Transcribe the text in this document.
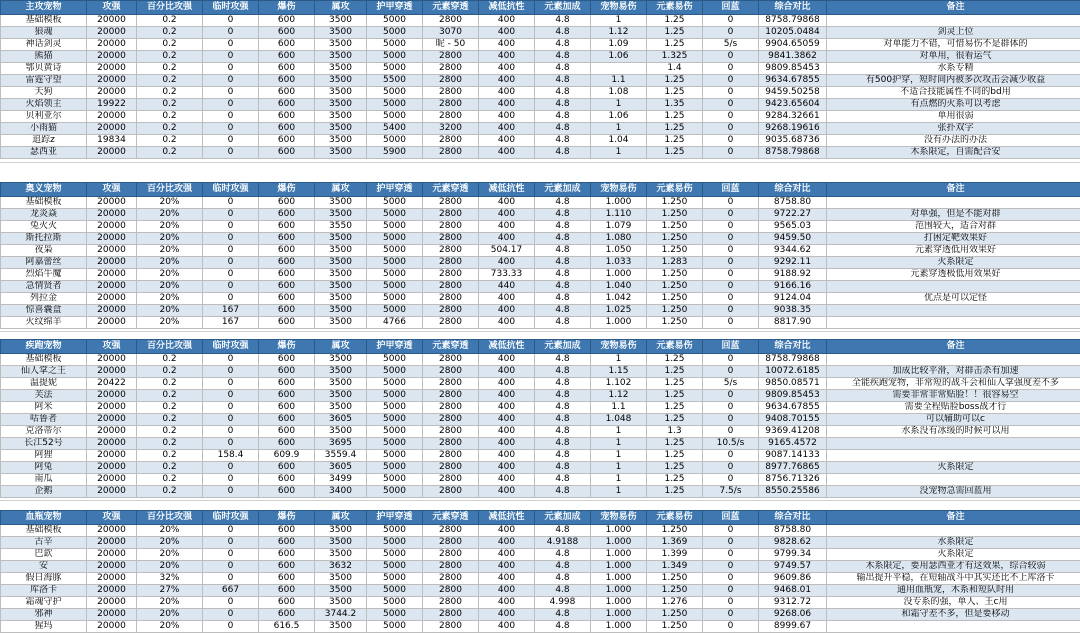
主攻宠物	攻强	百分比攻强	临时攻强	爆伤	属攻	护甲穿透	元素穿透	减低抗性	元素加成	宠物易伤	元素易伤	回蓝	综合对比	备注
基础模板	20000	0.2	0	600	3500	5000	2800	400	4.8	1	1.25	0	8758.79868	
狼魂	20000	0.2	0	600	3500	5000	3070	400	4.8	1.12	1.25	0	10205.0484	剑灵上位
神话剑灵	20000	0.2	0	600	3500	5000	昵 - 50	400	4.8	1.09	1.25	5/s	9904.65059	对单能力不错，可惜易伤不是群体的
熊猫	20000	0.2	0	600	3500	5000	2800	400	4.8	1.06	1.325	0	9841.3862	对单用，很看运气
鄂贝黄诗	20000	0.2	0	600	3500	5000	2800	400	4.8		1.4	0	9809.85453	水系专精
雷霆守望	20000	0.2	0	600	3500	5500	2800	400	4.8	1.1	1.25	0	9634.67855	有500护穿，短时间内被多次攻击会减少收益
天狗	20000	0.2	0	600	3500	5000	2800	400	4.8	1.08	1.25	0	9459.50258	不适合技能属性不同的bd用
火焰领主	19922	0.2	0	600	3500	5000	2800	400	4.8	1	1.35	0	9423.65604	有点燃的火系可以考虑
贝利亚尔	20000	0.2	0	600	3500	5000	2800	400	4.8	1.06	1.25	0	9284.32661	单用很弱
小雨猫	20000	0.2	0	600	3500	5400	3200	400	4.8	1	1.25	0	9268.19616	张扑双字
追踪z	19834	0.2	0	600	3500	5000	2800	400	4.8	1.04	1.25	0	9035.68736	没有办法的办法
瑟西亚	20000	0.2	0	600	3500	5900	2800	400	4.8	1	1.25	0	8758.79868	木系限定，自需配合安
奥义宠物	攻强	百分比攻强	临时攻强	爆伤	属攻	护甲穿透	元素穿透	减低抗性	元素加成	宠物易伤	元素易伤	回蓝	综合对比	备注
基础模板	20000	20%	0	600	3500	5000	2800	400	4.8	1.000	1.250	0	8758.80	
龙炎焱	20000	20%	0	600	3500	5000	2800	400	4.8	1.110	1.250	0	9722.27	对单强，但是不能对群
兔火火	20000	20%	0	600	3550	5000	2800	400	4.8	1.079	1.250	0	9565.03	范围较大，适合对群
斯托拉斯	20000	20%	0	600	3500	5000	2800	400	4.8	1.080	1.250	0	9459.50	打困定靶效果好
夜枭	20000	20%	0	600	3500	5000	2800	504.17	4.8	1.050	1.250	0	9344.62	元素穿透低用效果好
阿嘉蕾丝	20000	20%	0	600	3500	5000	2800	400	4.8	1.033	1.283	0	9292.11	火系限定
烈焰牛魔	20000	20%	0	600	3500	5000	2800	733.33	4.8	1.000	1.250	0	9188.92	元素穿透极低用效果好
急情贤者	20000	20%	0	600	3500	5000	2800	440	4.8	1.040	1.250	0	9166.16	
列拉金	20000	20%	0	600	3500	5000	2800	400	4.8	1.042	1.250	0	9124.04	优点是可以定怪
惊喜囊盒	20000	20%	167	600	3500	5000	2800	400	4.8	1.025	1.250	0	9038.35	
火纹绵羊	20000	20%	167	600	3500	4766	2800	400	4.8	1.000	1.250	0	8817.90	
疾跑宠物	攻强	百分比攻强	临时攻强	爆伤	属攻	护甲穿透	元素穿透	减低抗性	元素加成	宠物易伤	元素易伤	回蓝	综合对比	备注
基础模板	20000	0.2	0	600	3500	5000	2800	400	4.8	1	1.25	0	8758.79868	
仙人掌之王	20000	0.2	0	600	3500	5000	2800	400	4.8	1.15	1.25	0	10072.6185	加成比较平滑，对群击杀有加速
温提妮	20422	0.2	0	600	3500	5000	2800	400	4.8	1.102	1.25	5/s	9850.08571	全能疾跑宠物，非常短的战斗会和仙人掌强度差不多
芙法	20000	0.2	0	600	3500	5000	2800	400	4.8	1.12	1.25	0	9809.85453	需要非常非常贴脸！！很容易空
阿米	20000	0.2	0	600	3500	5000	2800	400	4.8	1.1	1.25	0	9634.67855	需要全程贴脸boss战才行
咕鲁者	20000	0.2	0	600	3605	5000	2800	400	4.8	1.048	1.25	0	9408.70155	可以辅助可以c
克洛蒂尔	20000	0.2	0	600	3500	5000	2800	400	4.8	1	1.3	0	9369.41208	水系没有冰缓的时候可以用
长江52号	20000	0.2	0	600	3695	5000	2800	400	4.8	1	1.25	10.5/s	9165.4572	
阿狸	20000	0.2	158.4	609.9	3559.4	5000	2800	400	4.8	1	1.25	0	9087.14133	
阿兔	20000	0.2	0	600	3605	5000	2800	400	4.8	1	1.25	0	8977.76865	火系限定
南瓜	20000	0.2	0	600	3499	5000	2800	400	4.8	1	1.25	0	8756.71326	
企鹅	20000	0.2	0	600	3400	5000	2800	400	4.8	1	1.25	7.5/s	8550.25586	没宠物急需回蓝用
血瓶宠物	攻强	百分比攻强	临时攻强	爆伤	属攻	护甲穿透	元素穿透	减低抗性	元素加成	宠物易伤	元素易伤	回蓝	综合对比	备注
基础模板	20000	20%	0	600	3500	5000	2800	400	4.8	1.000	1.250	0	8758.80	
古辛	20000	20%	0	600	3500	5000	2800	400	4.9188	1.000	1.369	0	9828.62	水系限定
巴欽	20000	20%	0	600	3500	5000	2800	400	4.8	1.000	1.399	0	9799.34	火系限定
安	20000	20%	0	600	3632	5000	2800	400	4.8	1.000	1.349	0	9749.57	木系限定，要用瑟西亚才有这效果，综合较弱
假日海豚	20000	32%	0	600	3500	5000	2800	400	4.8	1.000	1.250	0	9609.86	输出提升平稳，在短轴战斗中其实还比不上库洛卡
库洛卡	20000	27%	667	600	3500	5000	2800	400	4.8	1.000	1.250	0	9468.01	通用血瓶宠，木系和短队时用
霜魂守护	20000	20%	0	600	3500	5000	2800	400	4.998	1.000	1.276	0	9312.72	没专系的强，单人、王c用
邪神	20000	20%	0	600	3744.2	5000	2800	400	4.8	1.000	1.250	0	9268.06	和霜守差不多，但是要移动
猩玛	20000	20%	0	616.5	3500	5000	2800	400	4.8	1.000	1.250	0	8999.67	
